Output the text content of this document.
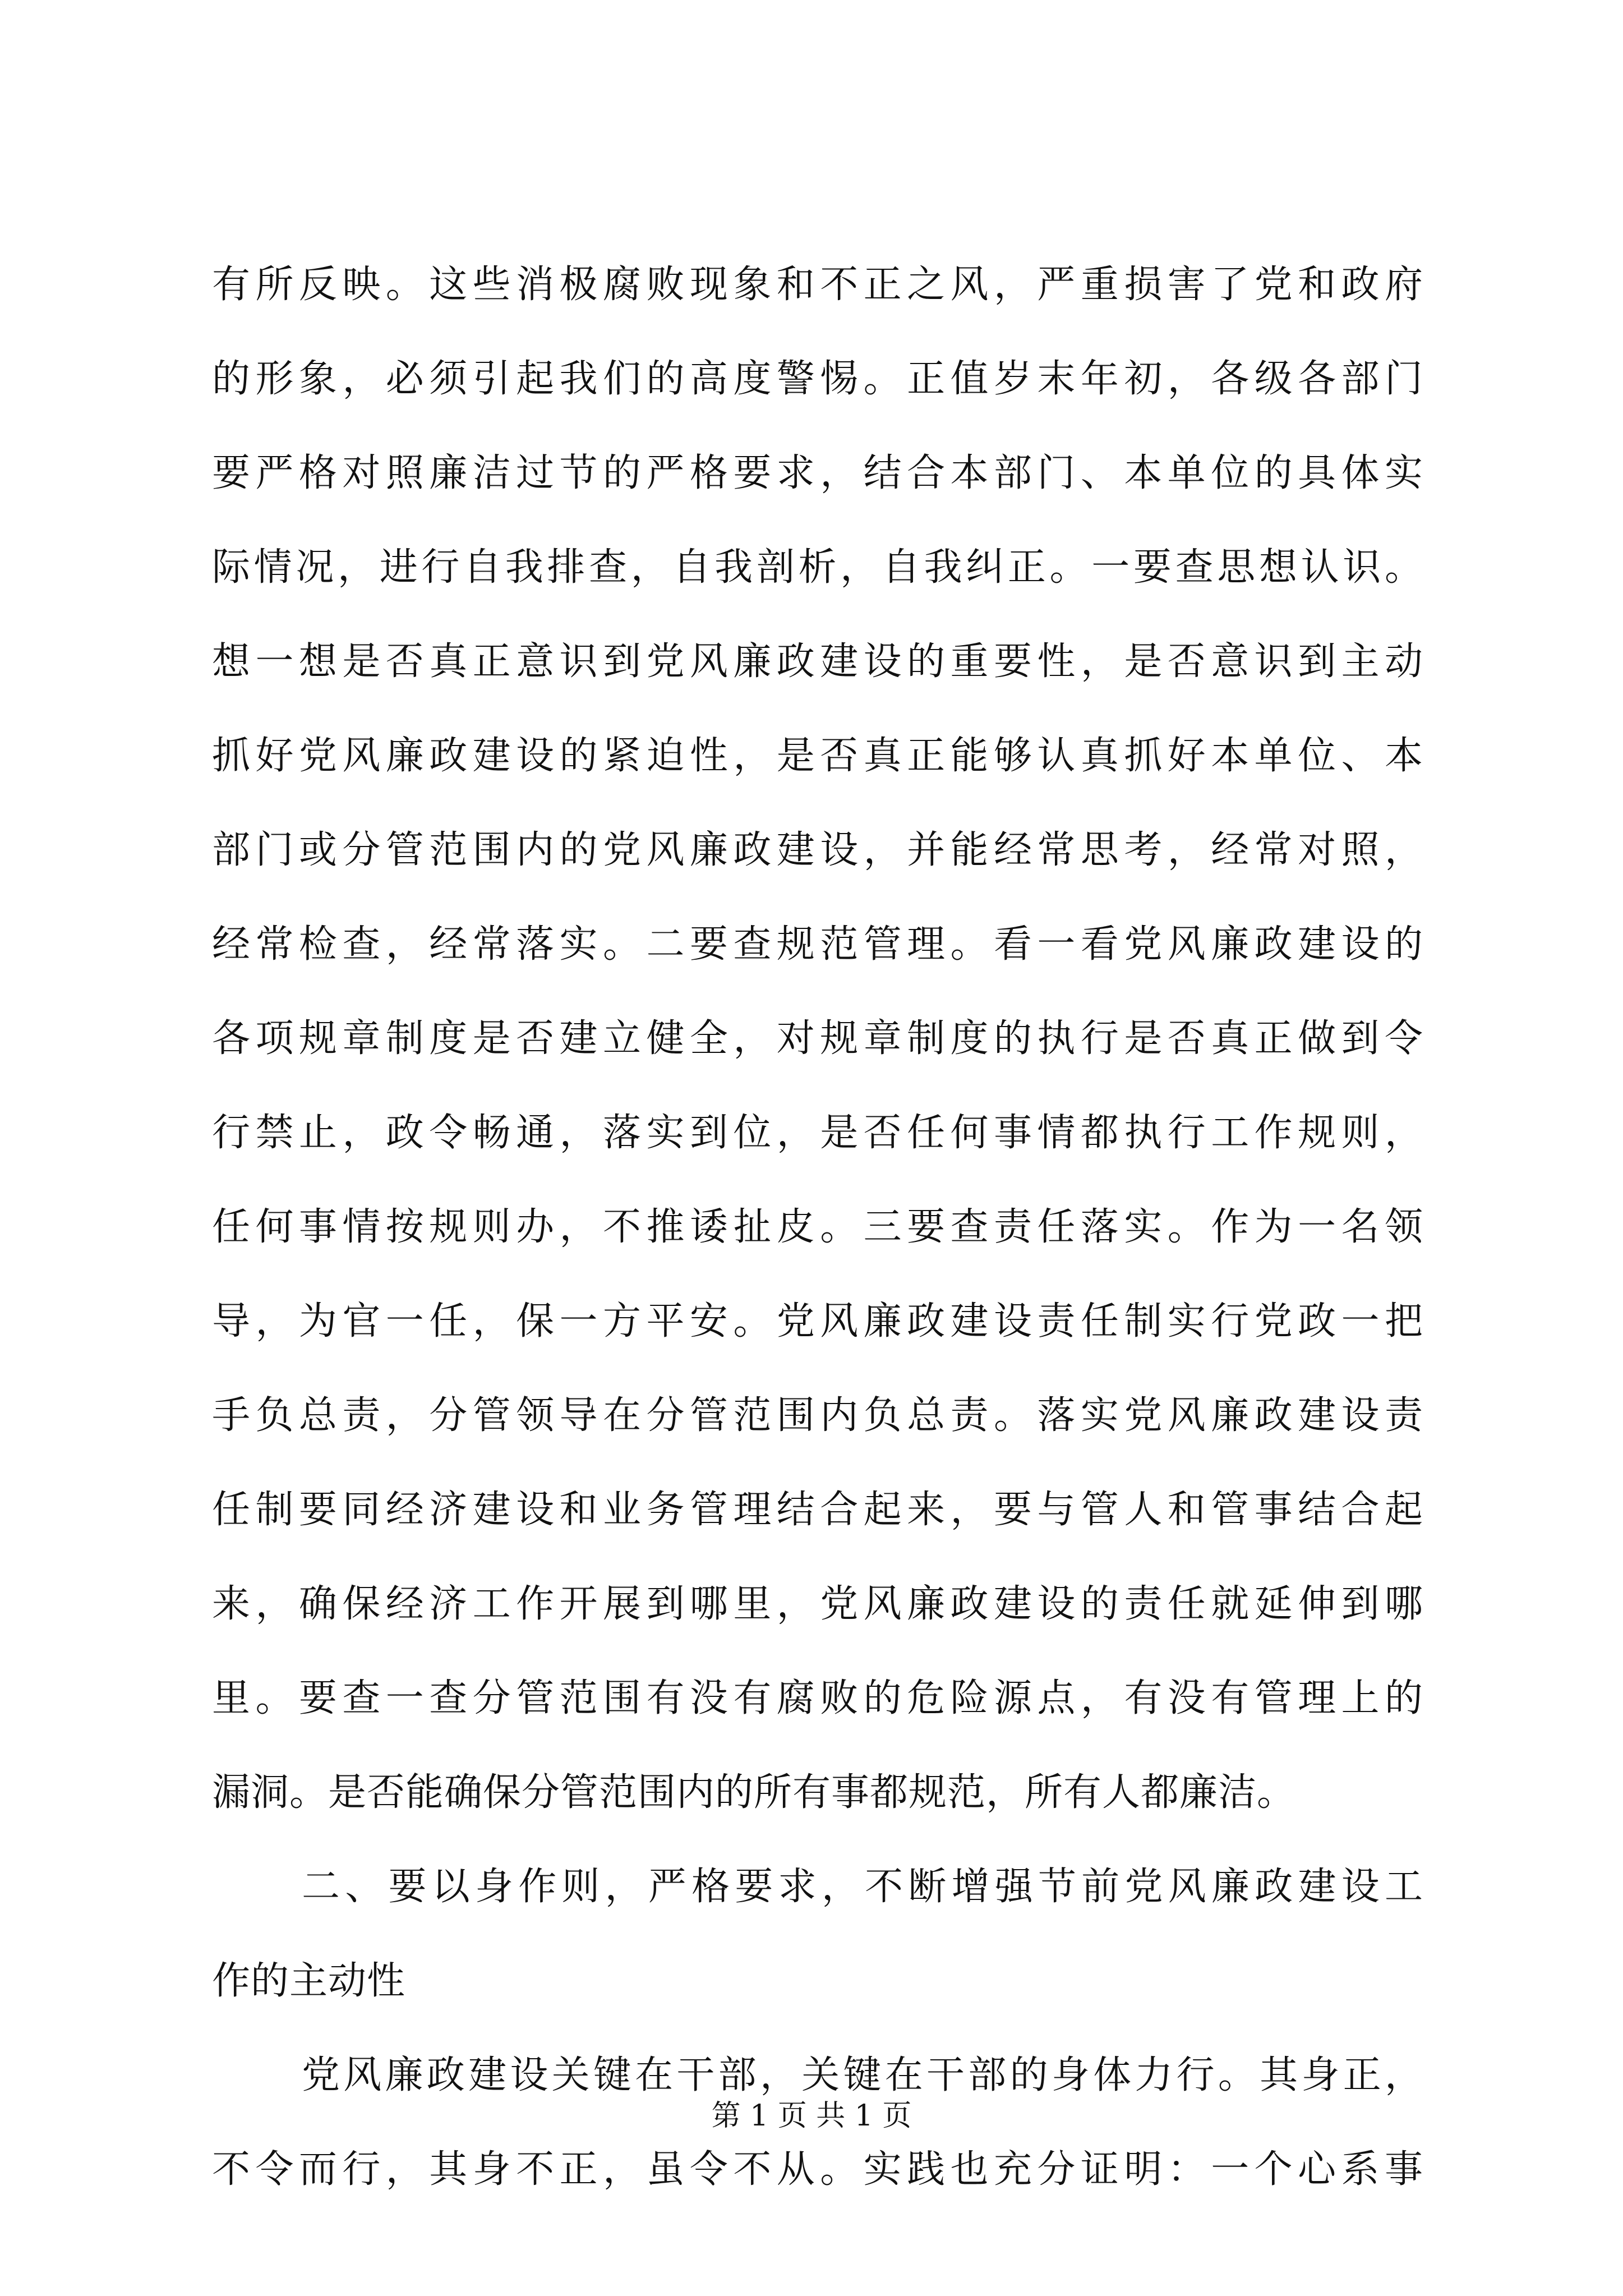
有所反映。这些消极腐败现象和不正之风，严重损害了党和政府

的形象，必须引起我们的高度警惕。正值岁末年初，各级各部门

要严格对照廉洁过节的严格要求，结合本部门、本单位的具体实

际情况，进行自我排查，自我剖析，自我纠正。一要查思想认识。

想一想是否真正意识到党风廉政建设的重要性，是否意识到主动

抓好党风廉政建设的紧迫性，是否真正能够认真抓好本单位、本

部门或分管范围内的党风廉政建设，并能经常思考，经常对照，

经常检查，经常落实。二要查规范管理。看一看党风廉政建设的

各项规章制度是否建立健全，对规章制度的执行是否真正做到令

行禁止，政令畅通，落实到位，是否任何事情都执行工作规则，

任何事情按规则办，不推诿扯皮。三要查责任落实。作为一名领

导，为官一任，保一方平安。党风廉政建设责任制实行党政一把

手负总责，分管领导在分管范围内负总责。落实党风廉政建设责

任制要同经济建设和业务管理结合起来，要与管人和管事结合起

来，确保经济工作开展到哪里，党风廉政建设的责任就延伸到哪

里。要查一查分管范围有没有腐败的危险源点，有没有管理上的

漏洞。是否能确保分管范围内的所有事都规范，所有人都廉洁。

二、要以身作则，严格要求，不断增强节前党风廉政建设工

作的主动性

党风廉政建设关键在干部，关键在干部的身体力行。其身正，

不令而行，其身不正，虽令不从。实践也充分证明：一个心系事

第 1 页 共 1 页
